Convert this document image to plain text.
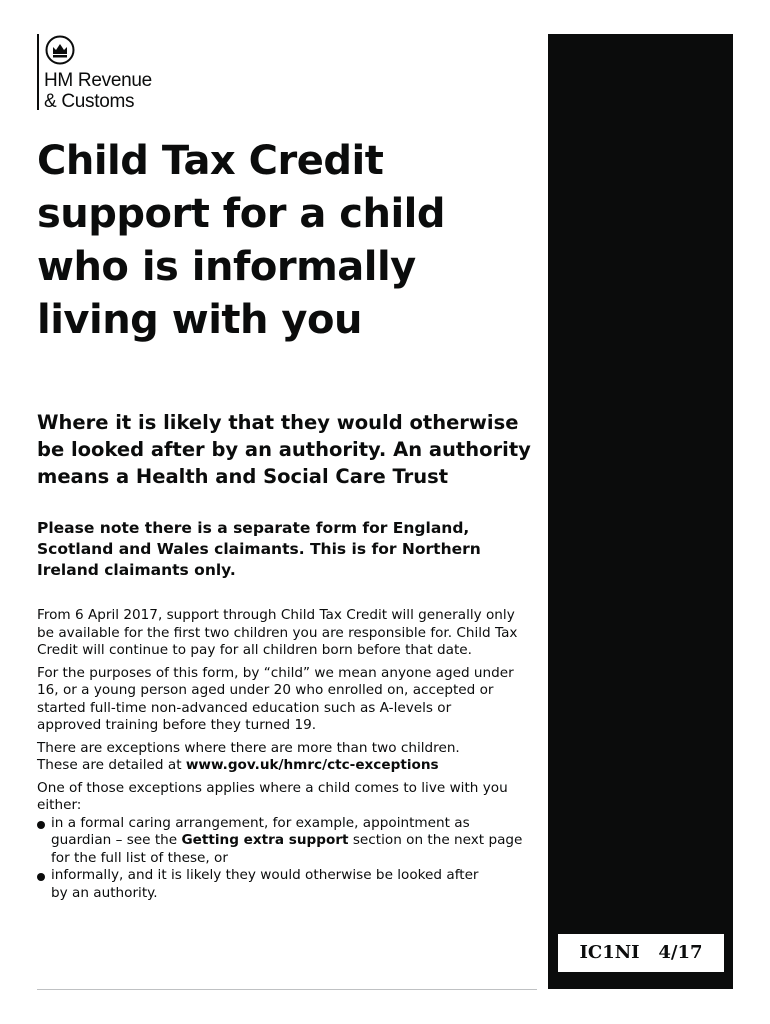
HM Revenue
& Customs
IC1NI   4/17
Child Tax Credit
support for a child
who is informally
living with you
Where it is likely that they would otherwise
be looked after by an authority. An authority
means a Health and Social Care Trust
Please note there is a separate form for England,
Scotland and Wales claimants. This is for Northern
Ireland claimants only.

From 6 April 2017, support through Child Tax Credit will generally only
be available for the first two children you are responsible for. Child Tax
Credit will continue to pay for all children born before that date.

For the purposes of this form, by “child” we mean anyone aged under
16, or a young person aged under 20 who enrolled on, accepted or
started full-time non-advanced education such as A-levels or
approved training before they turned 19.

There are exceptions where there are more than two children.
These are detailed at www.gov.uk/hmrc/ctc-exceptions

One of those exceptions applies where a child comes to live with you
either:

in a formal caring arrangement, for example, appointment as
guardian – see the Getting extra support section on the next page
for the full list of these, or
informally, and it is likely they would otherwise be looked after
by an authority.
